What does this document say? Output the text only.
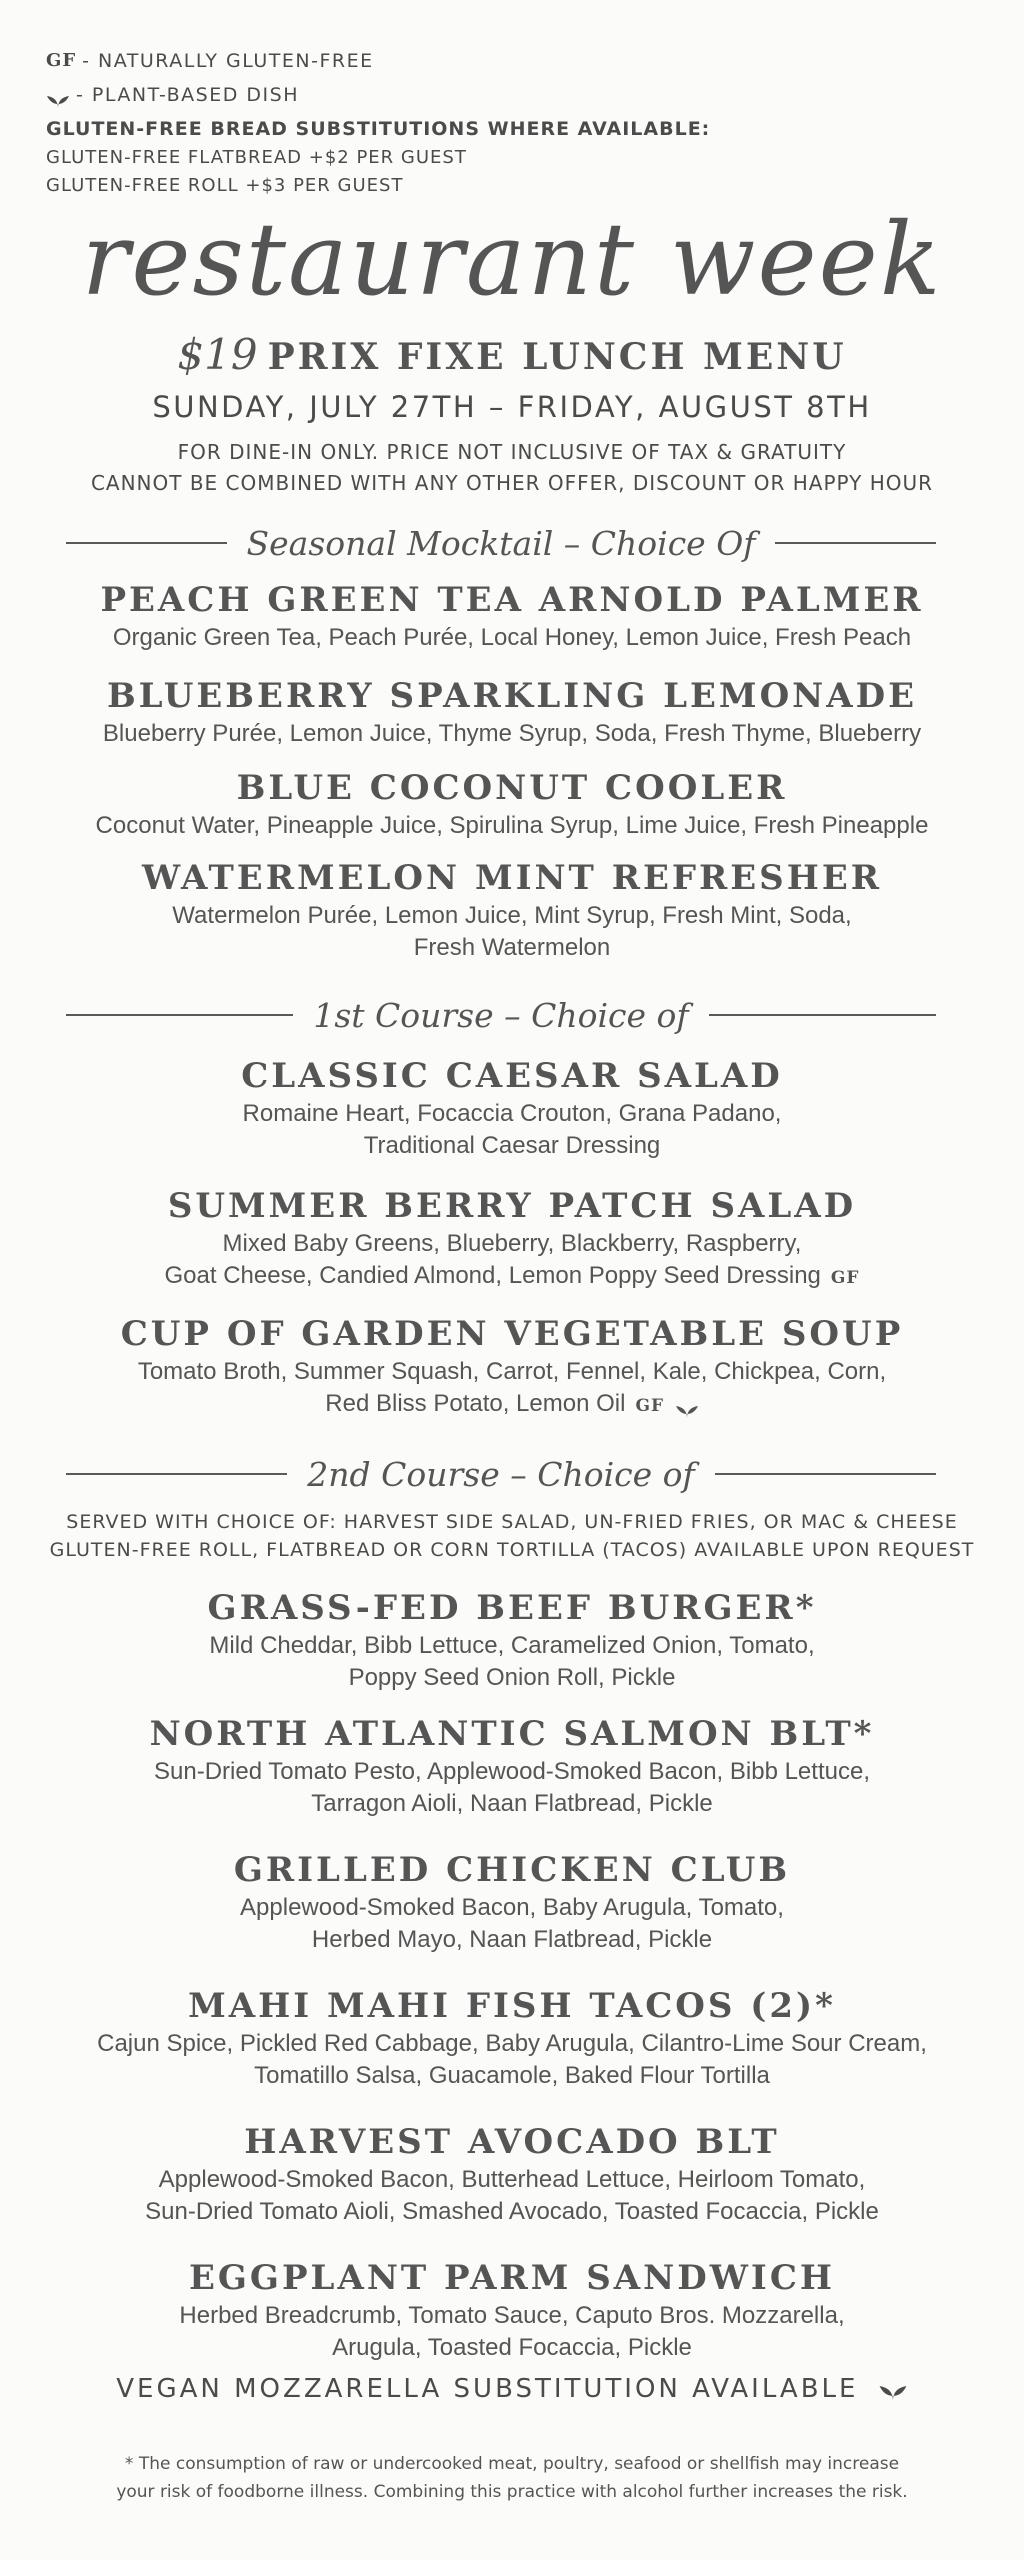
GF - NATURALLY GLUTEN-FREE
- PLANT-BASED DISH
GLUTEN-FREE BREAD SUBSTITUTIONS WHERE AVAILABLE:
GLUTEN-FREE FLATBREAD +$2 PER GUEST
GLUTEN-FREE ROLL +$3 PER GUEST
restaurant week
$19 PRIX FIXE LUNCH MENU
SUNDAY, JULY 27TH – FRIDAY, AUGUST 8TH
FOR DINE-IN ONLY. PRICE NOT INCLUSIVE OF TAX & GRATUITY
CANNOT BE COMBINED WITH ANY OTHER OFFER, DISCOUNT OR HAPPY HOUR
Seasonal Mocktail – Choice Of
PEACH GREEN TEA ARNOLD PALMER
Organic Green Tea, Peach Purée, Local Honey, Lemon Juice, Fresh Peach
BLUEBERRY SPARKLING LEMONADE
Blueberry Purée, Lemon Juice, Thyme Syrup, Soda, Fresh Thyme, Blueberry
BLUE COCONUT COOLER
Coconut Water, Pineapple Juice, Spirulina Syrup, Lime Juice, Fresh Pineapple
WATERMELON MINT REFRESHER
Watermelon Purée, Lemon Juice, Mint Syrup, Fresh Mint, Soda,
Fresh Watermelon
1st Course – Choice of
CLASSIC CAESAR SALAD
Romaine Heart, Focaccia Crouton, Grana Padano,
Traditional Caesar Dressing
SUMMER BERRY PATCH SALAD
Mixed Baby Greens, Blueberry, Blackberry, Raspberry,
Goat Cheese, Candied Almond, Lemon Poppy Seed Dressing GF
CUP OF GARDEN VEGETABLE SOUP
Tomato Broth, Summer Squash, Carrot, Fennel, Kale, Chickpea, Corn,
Red Bliss Potato, Lemon Oil GF
2nd Course – Choice of
SERVED WITH CHOICE OF: HARVEST SIDE SALAD, UN-FRIED FRIES, OR MAC & CHEESE
GLUTEN-FREE ROLL, FLATBREAD OR CORN TORTILLA (TACOS) AVAILABLE UPON REQUEST
GRASS-FED BEEF BURGER*
Mild Cheddar, Bibb Lettuce, Caramelized Onion, Tomato,
Poppy Seed Onion Roll, Pickle
NORTH ATLANTIC SALMON BLT*
Sun-Dried Tomato Pesto, Applewood-Smoked Bacon, Bibb Lettuce,
Tarragon Aioli, Naan Flatbread, Pickle
GRILLED CHICKEN CLUB
Applewood-Smoked Bacon, Baby Arugula, Tomato,
Herbed Mayo, Naan Flatbread, Pickle
MAHI MAHI FISH TACOS (2)*
Cajun Spice, Pickled Red Cabbage, Baby Arugula, Cilantro-Lime Sour Cream,
Tomatillo Salsa, Guacamole, Baked Flour Tortilla
HARVEST AVOCADO BLT
Applewood-Smoked Bacon, Butterhead Lettuce, Heirloom Tomato,
Sun-Dried Tomato Aioli, Smashed Avocado, Toasted Focaccia, Pickle
EGGPLANT PARM SANDWICH
Herbed Breadcrumb, Tomato Sauce, Caputo Bros. Mozzarella,
Arugula, Toasted Focaccia, Pickle
VEGAN MOZZARELLA SUBSTITUTION AVAILABLE
* The consumption of raw or undercooked meat, poultry, seafood or shellfish may increase
your risk of foodborne illness. Combining this practice with alcohol further increases the risk.
